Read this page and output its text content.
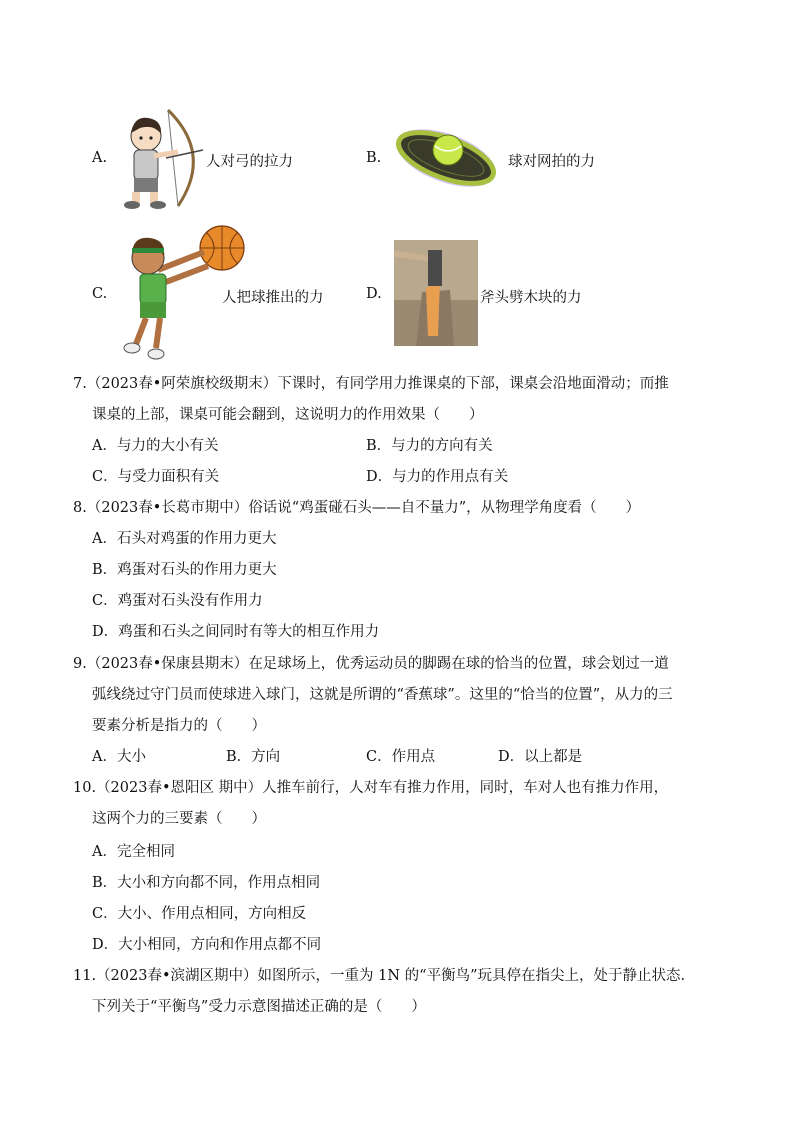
A.	人对弓的拉力	B.	球对网拍的力
C.	人把球推出的力	D.	斧头劈木块的力
7.（2023春•阿荣旗校级期末）下课时，有同学用力推课桌的下部，课桌会沿地面滑动；而推
课桌的上部，课桌可能会翻到，这说明力的作用效果（　　）
A．与力的大小有关	B．与力的方向有关
C．与受力面积有关	D．与力的作用点有关
8.（2023春•长葛市期中）俗话说“鸡蛋碰石头——自不量力”，从物理学角度看（　　）
A．石头对鸡蛋的作用力更大
B．鸡蛋对石头的作用力更大
C．鸡蛋对石头没有作用力
D．鸡蛋和石头之间同时有等大的相互作用力
9.（2023春•保康县期末）在足球场上，优秀运动员的脚踢在球的恰当的位置，球会划过一道
弧线绕过守门员而使球进入球门，这就是所谓的“香蕉球”。这里的“恰当的位置”，从力的三
要素分析是指力的（　　）
A．大小	B．方向	C．作用点	D．以上都是
10.（2023春•恩阳区 期中）人推车前行，人对车有推力作用，同时，车对人也有推力作用，
这两个力的三要素（　　）
A．完全相同
B．大小和方向都不同，作用点相同
C．大小、作用点相同，方向相反
D．大小相同，方向和作用点都不同
11.（2023春•滨湖区期中）如图所示，一重为 1N 的“平衡鸟”玩具停在指尖上，处于静止状态.
下列关于“平衡鸟”受力示意图描述正确的是（　　）
